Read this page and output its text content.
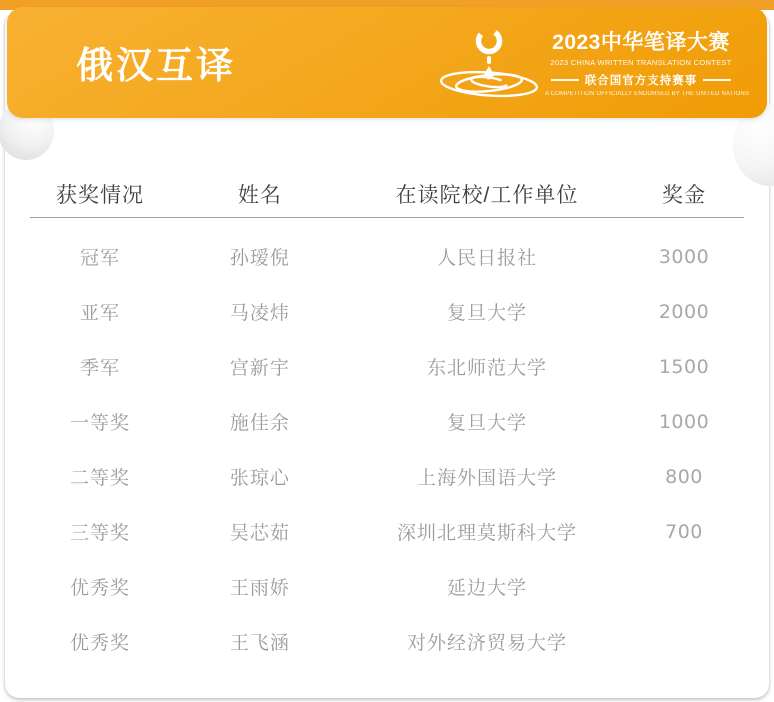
俄汉互译
2023中华笔译大赛
2023 CHINA WRITTEN TRANSLATION CONTEST
联合国官方支持赛事
A COMPETITION OFFICIALLY ENDORSED BY THE UNITED NATIONS
获奖情况	姓名	在读院校/工作单位	奖金
冠军	孙瑷倪	人民日报社	3000
亚军	马凌炜	复旦大学	2000
季军	宫新宇	东北师范大学	1500
一等奖	施佳余	复旦大学	1000
二等奖	张琼心	上海外国语大学	800
三等奖	吴芯茹	深圳北理莫斯科大学	700
优秀奖	王雨娇	延边大学
优秀奖	王飞涵	对外经济贸易大学
